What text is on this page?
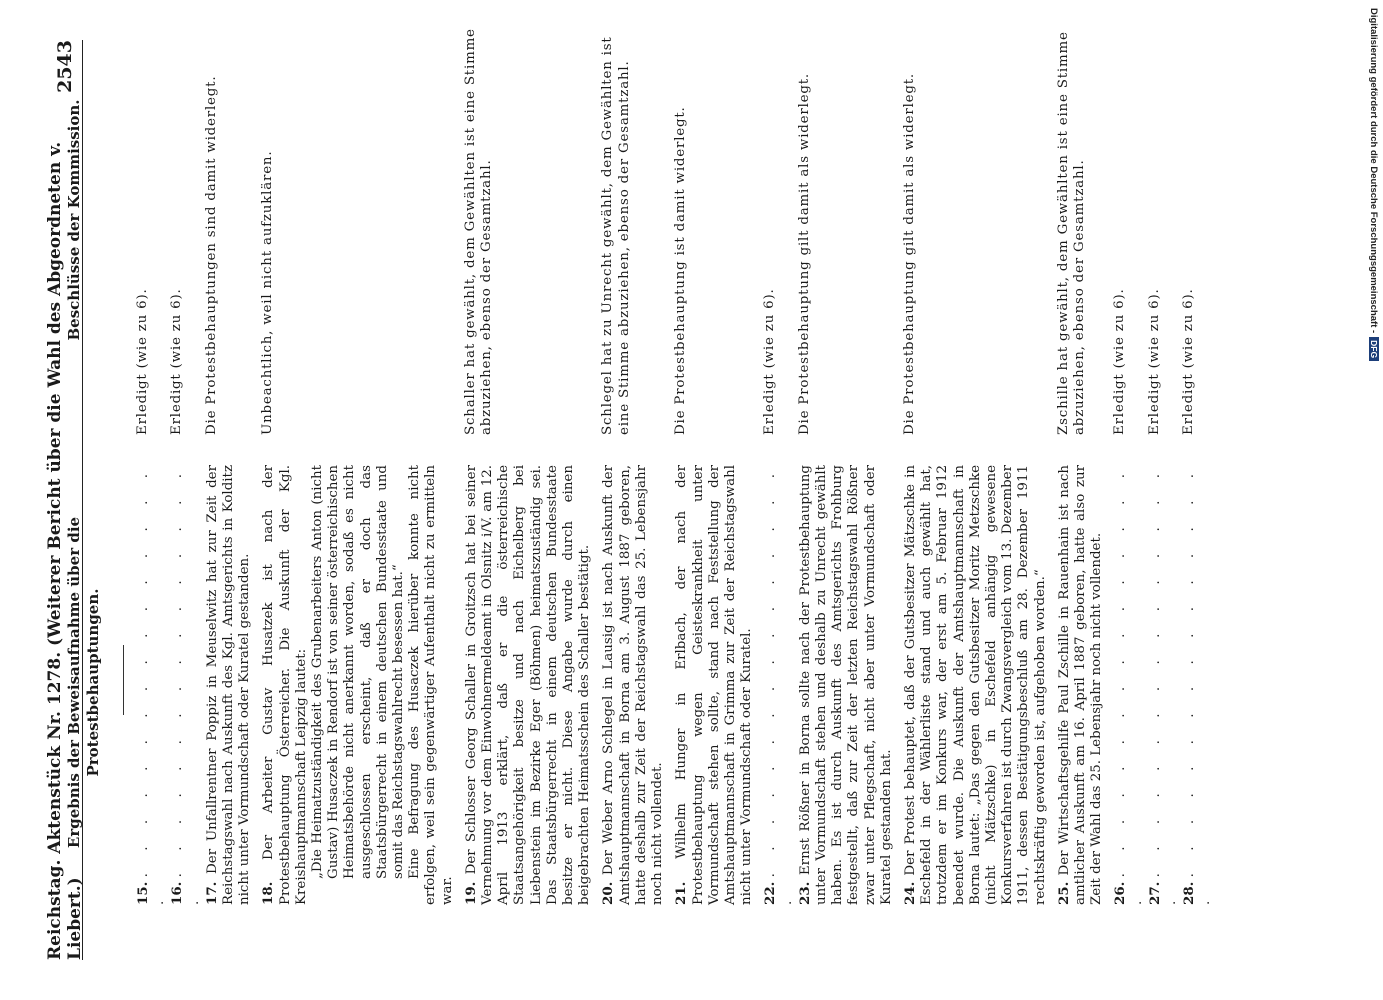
Ergebnis der Beweisaufnahme über die Protestbehauptungen.
Beschlüsse der Kommission.
15. . . . . . . . . . . . . . . . . .
Erledigt (wie zu 6).
16. . . . . . . . . . . . . . . . . .
Erledigt (wie zu 6).
17. Der Unfallrentner Poppiz in Meuselwitz hat zur Zeit der Reichstagswahl nach Auskunft des Kgl. Amtsgerichts in Kolditz nicht unter Vormundschaft oder Kuratel gestanden.
Die Protestbehauptungen sind damit widerlegt.
18. Der Arbeiter Gustav Husatzek ist nach der Protestbehauptung Österreicher. Die Auskunft der Kgl. Kreishauptmannschaft Leipzig lautet: „Die Heimatzuständigkeit des Grubenarbeiters Anton (nicht Gustav) Husaczek in Rendorf ist von seiner österreichischen Heimatsbehörde nicht anerkannt worden, sodaß es nicht ausgeschlossen erscheint, daß er doch das Staatsbürgerrecht in einem deutschen Bundesstaate und somit das Reichstagswahlrecht besessen hat.“ Eine Befragung des Husaczek hierüber konnte nicht erfolgen, weil sein gegenwärtiger Aufenthalt nicht zu ermitteln war.
Unbeachtlich, weil nicht aufzuklären.
19. Der Schlosser Georg Schaller in Groitzsch hat bei seiner Vernehmung vor dem Einwohnermeldeamt in Olsnitz i/V. am 12. April 1913 erklärt, daß er die österreichische Staatsangehörigkeit besitze und nach Eichelberg bei Liebenstein im Bezirke Eger (Böhmen) heimatszuständig sei. Das Staatsbürgerrecht in einem deutschen Bundesstaate besitze er nicht. Diese Angabe wurde durch einen beigebrachten Heimatsschein des Schaller bestätigt.
Schaller hat gewählt, dem Gewählten ist eine Stimme abzuziehen, ebenso der Gesamtzahl.
20. Der Weber Arno Schlegel in Lausig ist nach Auskunft der Amtshauptmannschaft in Borna am 3. August 1887 geboren, hatte deshalb zur Zeit der Reichstagswahl das 25. Lebensjahr noch nicht vollendet.
Schlegel hat zu Unrecht gewählt, dem Gewählten ist eine Stimme abzuziehen, ebenso der Gesamtzahl.
21. Wilhelm Hunger in Erlbach, der nach der Protestbehauptung wegen Geisteskrankheit unter Vormundschaft stehen sollte, stand nach Feststellung der Amtshauptmannschaft in Grimma zur Zeit der Reichstagswahl nicht unter Vormundschaft oder Kuratel.
Die Protestbehauptung ist damit widerlegt.
22. . . . . . . . . . . . . . . . . .
Erledigt (wie zu 6).
23. Ernst Rößner in Borna sollte nach der Protestbehauptung unter Vormundschaft stehen und deshalb zu Unrecht gewählt haben. Es ist durch Auskunft des Amtsgerichts Frohburg festgestellt, daß zur Zeit der letzten Reichstagswahl Rößner zwar unter Pflegschaft, nicht aber unter Vormundschaft oder Kuratel gestanden hat.
Die Protestbehauptung gilt damit als widerlegt.
24. Der Protest behauptet, daß der Gutsbesitzer Mätzschke in Eschefeld in der Wählerliste stand und auch gewählt hat, trotzdem er im Konkurs war, der erst am 5. Februar 1912 beendet wurde. Die Auskunft der Amtshauptmannschaft in Borna lautet: „Das gegen den Gutsbesitzer Moritz Metzschke (nicht Mätzschke) in Eschefeld anhängig gewesene Konkursverfahren ist durch Zwangsvergleich vom 13. Dezember 1911, dessen Bestätigungsbeschluß am 28. Dezember 1911 rechtskräftig geworden ist, aufgehoben worden.“
Die Protestbehauptung gilt damit als widerlegt.
25. Der Wirtschaftsgehilfe Paul Zschille in Rauenhain ist nach amtlicher Auskunft am 16. April 1887 geboren, hatte also zur Zeit der Wahl das 25. Lebensjahr noch nicht vollendet.
Zschille hat gewählt, dem Gewählten ist eine Stimme abzuziehen, ebenso der Gesamtzahl.
26. . . . . . . . . . . . . . . . . .
Erledigt (wie zu 6).
27. . . . . . . . . . . . . . . . . .
Erledigt (wie zu 6).
28. . . . . . . . . . . . . . . . . .
Erledigt (wie zu 6).
Reichstag. Aktenstück Nr. 1278. (Weiterer Bericht über die Wahl des Abgeordneten v. Liebert.)
2543	Digitalisierung gefördert durch die Deutsche Forschungsgemeinschaft -DFG
